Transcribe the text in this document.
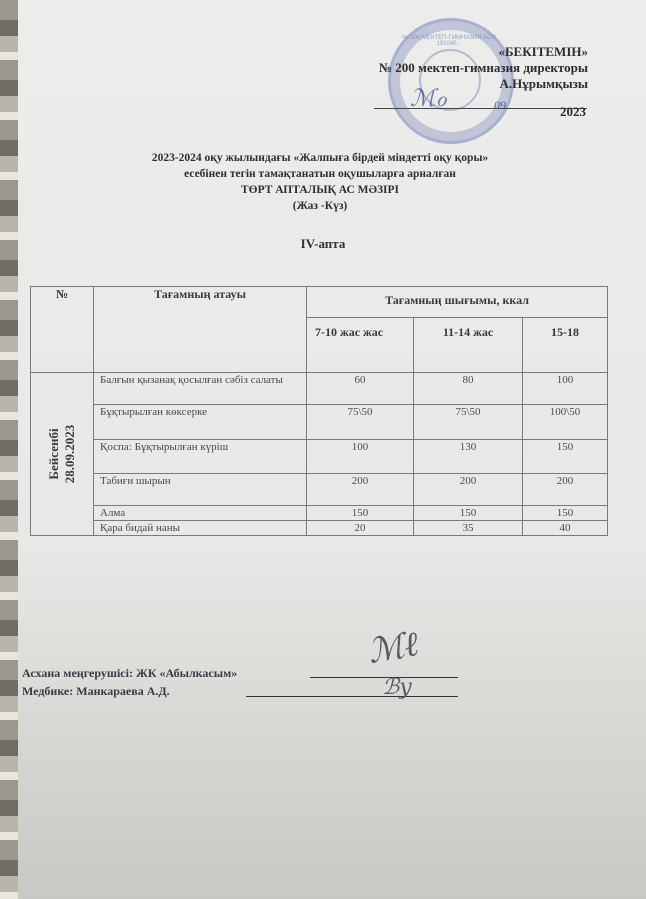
№ 200 МЕКТЕП-ГИМНАЗИЯ БСН 181040...
ℳℴ
«БЕКІТЕМІН»
№ 200 мектеп-гимназия директоры
А.Нұрымқызы
09	2023
2023-2024 оқу жылындағы «Жалпыға бірдей міндетті оқу қоры»
есебінен тегін тамақтанатын оқушыларға арналған
ТӨРТ АПТАЛЫҚ АС МӘЗІРІ
(Жаз -Күз)
IV-апта
№	Тағамның атауы	Тағамның шығымы, ккал		
		7-10 жас жас	11-14 жас	15-18

Бейсенбі 28.09.2023	Балғын қызанақ қосылған сәбіз салаты	60	80	100
	Бұқтырылған көксерке	75\50	75\50	100\50
	Қоспа: Бұқтырылған күріш	100	130	150
	Табиғи шырын	200	200	200
	Алма	150	150	150
	Қара бидай наны	20	35	40
ℳℓ
Асхана меңгерушісі: ЖК «Абылкасым»
Медбике: Манкараева А.Д.	ℬy
